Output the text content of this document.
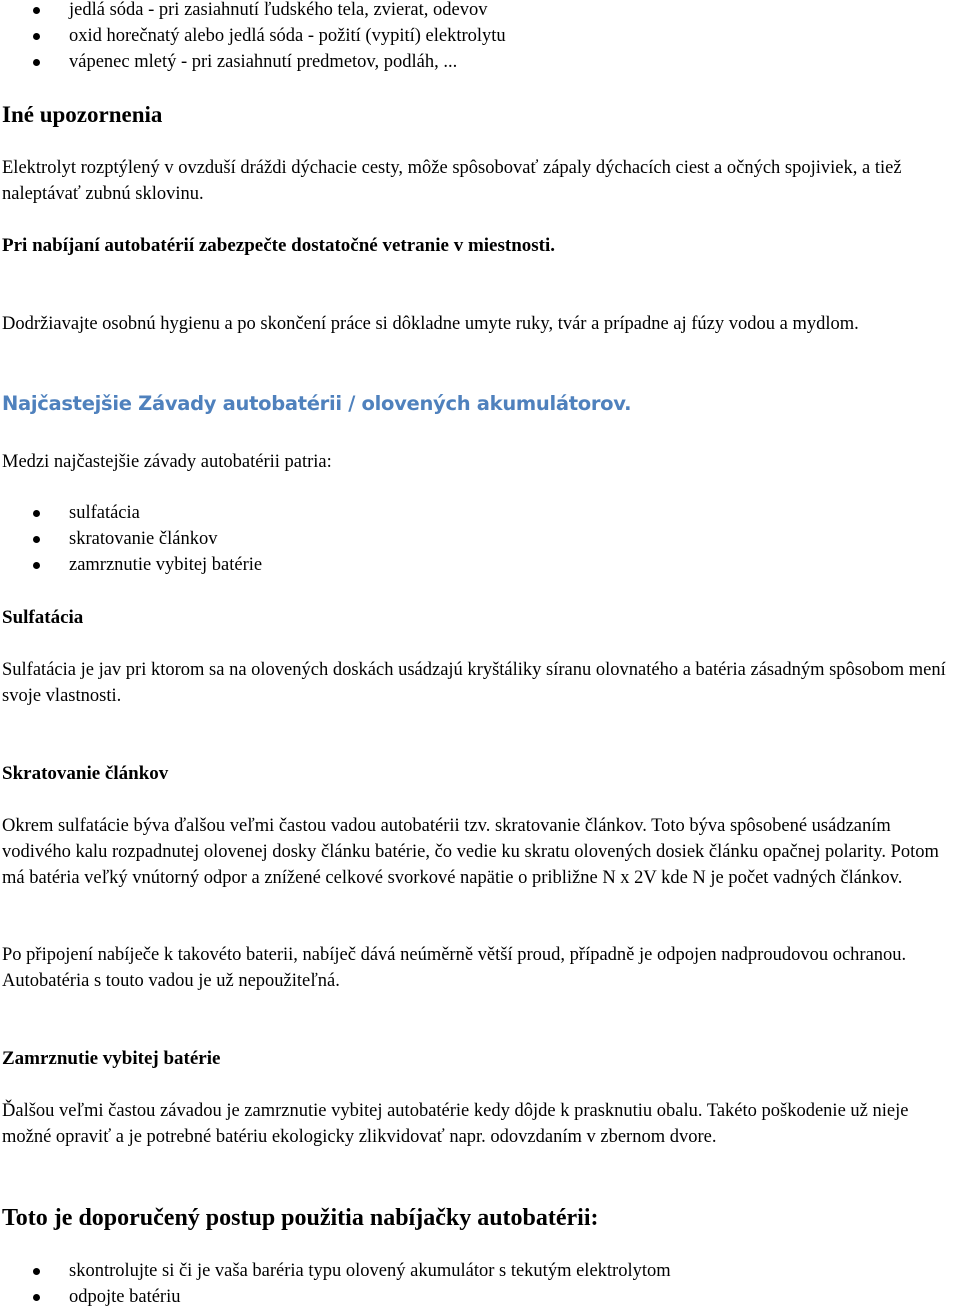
jedlá sóda - pri zasiahnutí ľudského tela, zvierat, odevov
oxid horečnatý alebo jedlá sóda - požití (vypití) elektrolytu
vápenec mletý - pri zasiahnutí predmetov, podláh, ...
Iné upozornenia

Elektrolyt rozptýlený v ovzduší dráždi dýchacie cesty, môže spôsobovať zápaly dýchacích ciest a očných spojiviek, a tiež naleptávať zubnú sklovinu.

Pri nabíjaní autobatérií zabezpečte dostatočné vetranie v miestnosti.

Dodržiavajte osobnú hygienu a po skončení práce si dôkladne umyte ruky, tvár a prípadne aj fúzy vodou a mydlom.

Najčastejšie Závady autobatérii / olovených akumulátorov.

Medzi najčastejšie závady autobatérii patria:

sulfatácia
skratovanie článkov
zamrznutie vybitej batérie
Sulfatácia

Sulfatácia je jav pri ktorom sa na olovených doskách usádzajú kryštáliky síranu olovnatého a batéria zásadným spôsobom mení svoje vlastnosti.

Skratovanie článkov

Okrem sulfatácie býva ďalšou veľmi častou vadou autobatérii tzv. skratovanie článkov. Toto býva spôsobené usádzaním vodivého kalu rozpadnutej olovenej dosky článku batérie, čo vedie ku skratu olovených dosiek článku opačnej polarity. Potom má batéria veľký vnútorný odpor a znížené celkové svorkové napätie o približne N x 2V kde N je počet vadných článkov.

Po připojení nabíječe k takovéto baterii, nabíječ dává neúměrně větší proud, případně je odpojen nadproudovou ochranou. Autobatéria s touto vadou je už nepoužiteľná.

Zamrznutie vybitej batérie

Ďalšou veľmi častou závadou je zamrznutie vybitej autobatérie kedy dôjde k prasknutiu obalu. Takéto poškodenie už nieje možné opraviť a je potrebné batériu ekologicky zlikvidovať napr. odovzdaním v zbernom dvore.

Toto je doporučený postup použitia nabíjačky autobatérii:
skontrolujte si či je vaša baréria typu olovený akumulátor s tekutým elektrolytom
odpojte batériu
